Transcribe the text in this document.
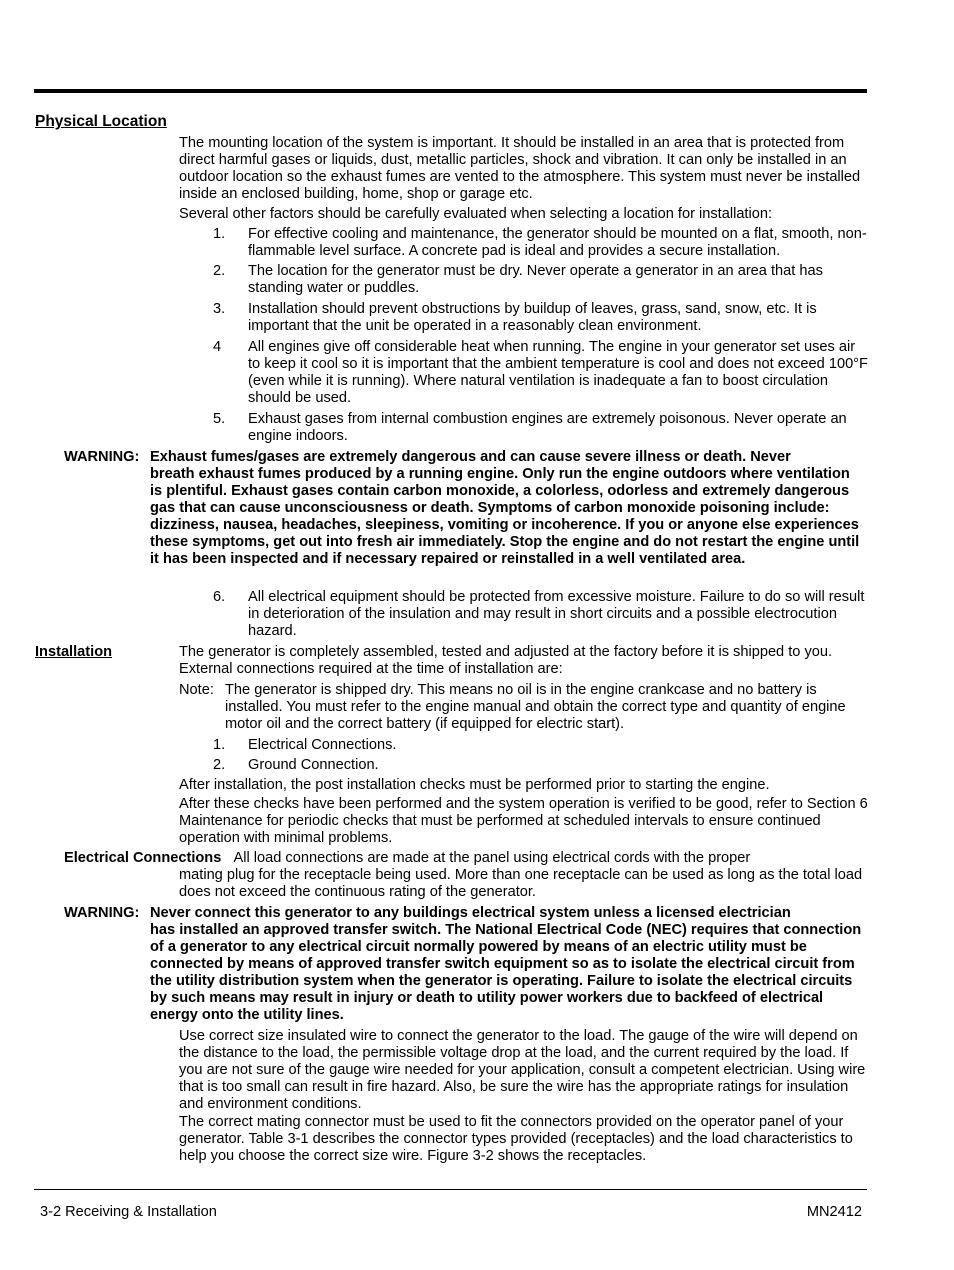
Physical Location
The mounting location of the system is important. It should be installed in an area that is protected from direct harmful gases or liquids, dust, metallic particles, shock and vibration. It can only be installed in an outdoor location so the exhaust fumes are vented to the atmosphere. This system must never be installed inside an enclosed building, home, shop or garage etc.
Several other factors should be carefully evaluated when selecting a location for installation:
1.	For effective cooling and maintenance, the generator should be mounted on a flat, smooth, non-flammable level surface. A concrete pad is ideal and provides a secure installation.
2.	The location for the generator must be dry. Never operate a generator in an area that has standing water or puddles.
3.	Installation should prevent obstructions by buildup of leaves, grass, sand, snow, etc. It is important that the unit be operated in a reasonably clean environment.
4	All engines give off considerable heat when running. The engine in your generator set uses air to keep it cool so it is important that the ambient temperature is cool and does not exceed 100°F (even while it is running). Where natural ventilation is inadequate a fan to boost circulation should be used.
5.	Exhaust gases from internal combustion engines are extremely poisonous. Never operate an engine indoors.
WARNING: Exhaust fumes/gases are extremely dangerous and can cause severe illness or death. Never
breath exhaust fumes produced by a running engine. Only run the engine outdoors where ventilation is plentiful. Exhaust gases contain carbon monoxide, a colorless, odorless and extremely dangerous gas that can cause unconsciousness or death. Symptoms of carbon monoxide poisoning include: dizziness, nausea, headaches, sleepiness, vomiting or incoherence. If you or anyone else experiences these symptoms, get out into fresh air immediately. Stop the engine and do not restart the engine until it has been inspected and if necessary repaired or reinstalled in a well ventilated area.
6.	All electrical equipment should be protected from excessive moisture. Failure to do so will result in deterioration of the insulation and may result in short circuits and a possible electrocution hazard.
Installation	The generator is completely assembled, tested and adjusted at the factory before it is shipped to you. External connections required at the time of installation are:
Note: The generator is shipped dry. This means no oil is in the engine crankcase and no battery is installed. You must refer to the engine manual and obtain the correct type and quantity of engine motor oil and the correct battery (if equipped for electric start).
1.	Electrical Connections.
2.	Ground Connection.
After installation, the post installation checks must be performed prior to starting the engine.
After these checks have been performed and the system operation is verified to be good, refer to Section 6 Maintenance for periodic checks that must be performed at scheduled intervals to ensure continued operation with minimal problems.
Electrical Connections All load connections are made at the panel using electrical cords with the proper
mating plug for the receptacle being used. More than one receptacle can be used as long as the total load does not exceed the continuous rating of the generator.
WARNING: Never connect this generator to any buildings electrical system unless a licensed electrician
has installed an approved transfer switch. The National Electrical Code (NEC) requires that connection of a generator to any electrical circuit normally powered by means of an electric utility must be connected by means of approved transfer switch equipment so as to isolate the electrical circuit from the utility distribution system when the generator is operating. Failure to isolate the electrical circuits by such means may result in injury or death to utility power workers due to backfeed of electrical energy onto the utility lines.
Use correct size insulated wire to connect the generator to the load. The gauge of the wire will depend on the distance to the load, the permissible voltage drop at the load, and the current required by the load. If you are not sure of the gauge wire needed for your application, consult a competent electrician. Using wire that is too small can result in fire hazard. Also, be sure the wire has the appropriate ratings for insulation and environment conditions.
The correct mating connector must be used to fit the connectors provided on the operator panel of your generator. Table 3-1 describes the connector types provided (receptacles) and the load characteristics to help you choose the correct size wire. Figure 3-2 shows the receptacles.
3-2 Receiving & Installation	MN2412
